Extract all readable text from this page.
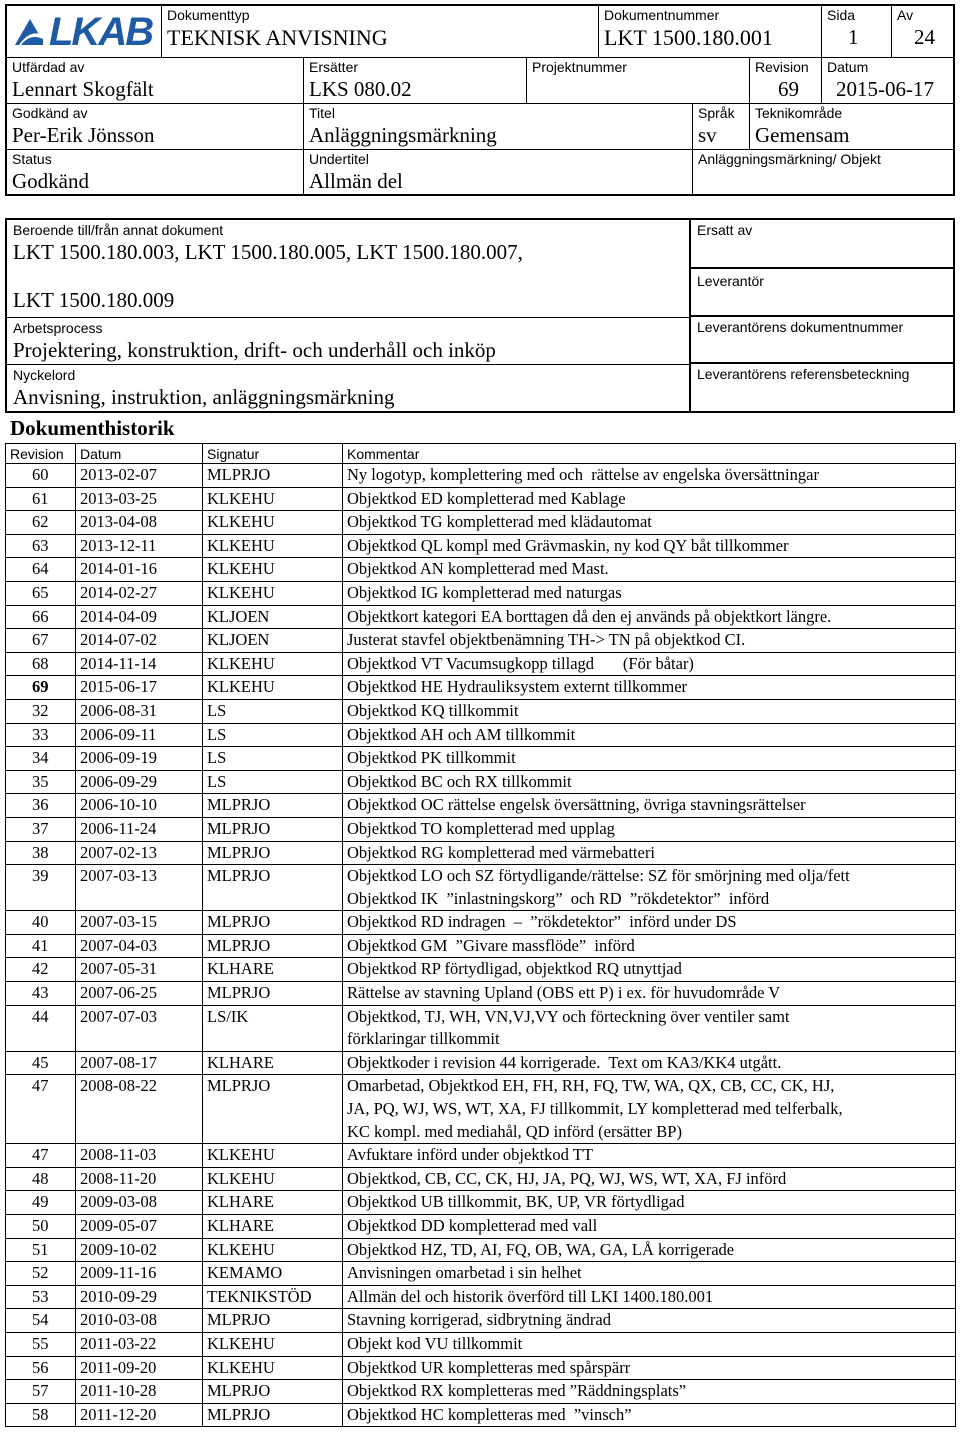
LKAB Dokumenttyp
TEKNISK ANVISNING
Dokumentnummer
LKT 1500.180.001
Sida
1
Av
24
Utfärdad av
Lennart Skogfält
Ersätter
LKS 080.02
Projektnummer	Revision
69
Datum
2015-06-17
Godkänd av
Per-Erik Jönsson
Titel
Anläggningsmärkning
Språk
sv
Teknikområde
Gemensam
Status
Godkänd
Undertitel
Allmän del
Anläggningsmärkning/ Objekt
Beroende till/från annat dokument
LKT 1500.180.003, LKT 1500.180.005, LKT 1500.180.007,
LKT 1500.180.009
Arbetsprocess
Projektering, konstruktion, drift- och underhåll och inköp
Nyckelord
Anvisning, instruktion, anläggningsmärkning
Ersatt av
Leverantör
Leverantörens dokumentnummer
Leverantörens referensbeteckning
Dokumenthistorik
Revision	Datum	Signatur	Kommentar
60	2013-02-07	MLPRJO	Ny logotyp, komplettering med och  rättelse av engelska översättningar
61	2013-03-25	KLKEHU	Objektkod ED kompletterad med Kablage
62	2013-04-08	KLKEHU	Objektkod TG kompletterad med klädautomat
63	2013-12-11	KLKEHU	Objektkod QL kompl med Grävmaskin, ny kod QY båt tillkommer
64	2014-01-16	KLKEHU	Objektkod AN kompletterad med Mast.
65	2014-02-27	KLKEHU	Objektkod IG kompletterad med naturgas
66	2014-04-09	KLJOEN	Objektkort kategori EA borttagen då den ej används på objektkort längre.
67	2014-07-02	KLJOEN	Justerat stavfel objektbenämning TH-> TN på objektkod CI.
68	2014-11-14	KLKEHU	Objektkod VT Vacumsugkopp tillagd       (För båtar)
69	2015-06-17	KLKEHU	Objektkod HE Hydrauliksystem externt tillkommer
32	2006-08-31	LS	Objektkod KQ tillkommit
33	2006-09-11	LS	Objektkod AH och AM tillkommit
34	2006-09-19	LS	Objektkod PK tillkommit
35	2006-09-29	LS	Objektkod BC och RX tillkommit
36	2006-10-10	MLPRJO	Objektkod OC rättelse engelsk översättning, övriga stavningsrättelser
37	2006-11-24	MLPRJO	Objektkod TO kompletterad med upplag
38	2007-02-13	MLPRJO	Objektkod RG kompletterad med värmebatteri
39	2007-03-13	MLPRJO	Objektkod LO och SZ förtydligande/rättelse: SZ för smörjning med olja/fett
Objektkod IK  ”inlastningskorg”  och RD  ”rökdetektor”  införd
40	2007-03-15	MLPRJO	Objektkod RD indragen  –  ”rökdetektor”  införd under DS
41	2007-04-03	MLPRJO	Objektkod GM  ”Givare massflöde”  införd
42	2007-05-31	KLHARE	Objektkod RP förtydligad, objektkod RQ utnyttjad
43	2007-06-25	MLPRJO	Rättelse av stavning Upland (OBS ett P) i ex. för huvudområde V
44	2007-07-03	LS/IK	Objektkod, TJ, WH, VN,VJ,VY och förteckning över ventiler samt
förklaringar tillkommit
45	2007-08-17	KLHARE	Objektkoder i revision 44 korrigerade.  Text om KA3/KK4 utgått.
47	2008-08-22	MLPRJO	Omarbetad, Objektkod EH, FH, RH, FQ, TW, WA, QX, CB, CC, CK, HJ,
JA, PQ, WJ, WS, WT, XA, FJ tillkommit, LY kompletterad med telferbalk,
KC kompl. med mediahål, QD införd (ersätter BP)
47	2008-11-03	KLKEHU	Avfuktare införd under objektkod TT
48	2008-11-20	KLKEHU	Objektkod, CB, CC, CK, HJ, JA, PQ, WJ, WS, WT, XA, FJ införd
49	2009-03-08	KLHARE	Objektkod UB tillkommit, BK, UP, VR förtydligad
50	2009-05-07	KLHARE	Objektkod DD kompletterad med vall
51	2009-10-02	KLKEHU	Objektkod HZ, TD, AI, FQ, OB, WA, GA, LÅ korrigerade
52	2009-11-16	KEMAMO	Anvisningen omarbetad i sin helhet
53	2010-09-29	TEKNIKSTÖD	Allmän del och historik överförd till LKI 1400.180.001
54	2010-03-08	MLPRJO	Stavning korrigerad, sidbrytning ändrad
55	2011-03-22	KLKEHU	Objekt kod VU tillkommit
56	2011-09-20	KLKEHU	Objektkod UR kompletteras med spårspärr
57	2011-10-28	MLPRJO	Objektkod RX kompletteras med ”Räddningsplats”
58	2011-12-20	MLPRJO	Objektkod HC kompletteras med  ”vinsch”
